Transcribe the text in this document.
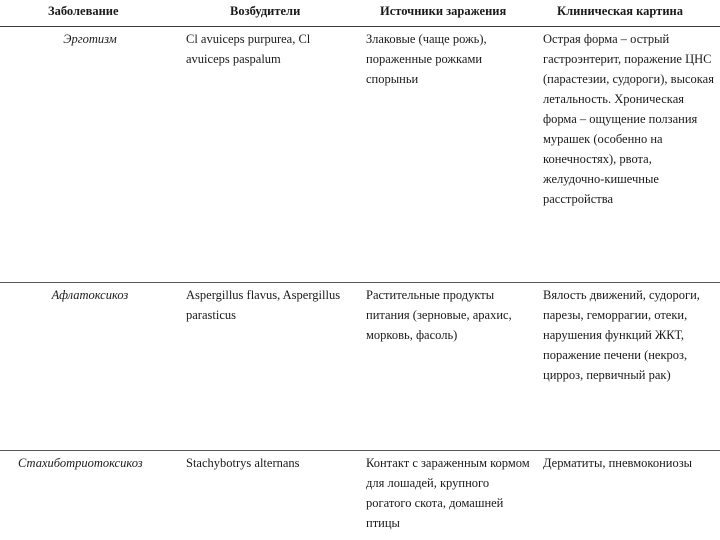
Заболевание	Возбудители	Источники заражения	Клиническая картина
Эрготизм	Cl avuiceps purpurea, Cl avuiceps paspalum	Злаковые (чаще рожь), пораженные рожками спорыньи	Острая форма – острый гастроэнтерит, поражение ЦНС (парастезии, судороги), высокая летальность. Хроническая форма – ощущение ползания мурашек (особенно на конечностях), рвота, желудочно-кишечные расстройства
Афлатоксикоз	Aspergillus flavus, Aspergillus parasticus	Растительные продукты питания (зерновые, арахис, морковь, фасоль)	Вялость движений, судороги, парезы, геморрагии, отеки, нарушения функций ЖКТ, поражение печени (некроз, цирроз, первичный рак)
Стахиботриотоксикоз	Stachybotrys alternans	Контакт с зараженным кормом для лошадей, крупного рогатого скота, домашней птицы	Дерматиты, пневмокониозы
